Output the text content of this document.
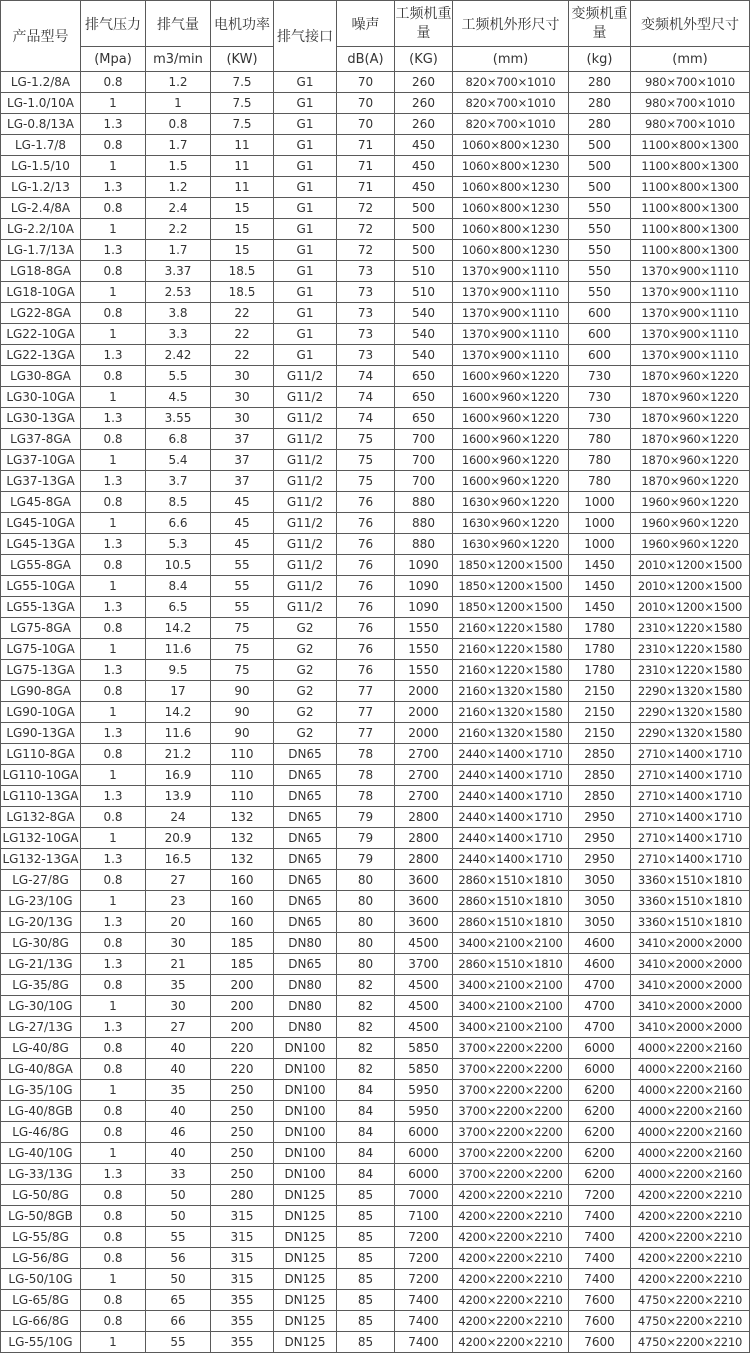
产品型号	排气压力	排气量	电机功率	排气接口	噪声	工频机重量	工频机外形尺寸	变频机重量	变频机外型尺寸
	(Mpa)	m3/min	(KW)		dB(A)	(KG)	(mm)	(kg)	(mm)
LG-1.2/8A	0.8	1.2	7.5	G1	70	260	820×700×1010	280	980×700×1010
LG-1.0/10A	1	1	7.5	G1	70	260	820×700×1010	280	980×700×1010
LG-0.8/13A	1.3	0.8	7.5	G1	70	260	820×700×1010	280	980×700×1010
LG-1.7/8	0.8	1.7	11	G1	71	450	1060×800×1230	500	1100×800×1300
LG-1.5/10	1	1.5	11	G1	71	450	1060×800×1230	500	1100×800×1300
LG-1.2/13	1.3	1.2	11	G1	71	450	1060×800×1230	500	1100×800×1300
LG-2.4/8A	0.8	2.4	15	G1	72	500	1060×800×1230	550	1100×800×1300
LG-2.2/10A	1	2.2	15	G1	72	500	1060×800×1230	550	1100×800×1300
LG-1.7/13A	1.3	1.7	15	G1	72	500	1060×800×1230	550	1100×800×1300
LG18-8GA	0.8	3.37	18.5	G1	73	510	1370×900×1110	550	1370×900×1110
LG18-10GA	1	2.53	18.5	G1	73	510	1370×900×1110	550	1370×900×1110
LG22-8GA	0.8	3.8	22	G1	73	540	1370×900×1110	600	1370×900×1110
LG22-10GA	1	3.3	22	G1	73	540	1370×900×1110	600	1370×900×1110
LG22-13GA	1.3	2.42	22	G1	73	540	1370×900×1110	600	1370×900×1110
LG30-8GA	0.8	5.5	30	G11/2	74	650	1600×960×1220	730	1870×960×1220
LG30-10GA	1	4.5	30	G11/2	74	650	1600×960×1220	730	1870×960×1220
LG30-13GA	1.3	3.55	30	G11/2	74	650	1600×960×1220	730	1870×960×1220
LG37-8GA	0.8	6.8	37	G11/2	75	700	1600×960×1220	780	1870×960×1220
LG37-10GA	1	5.4	37	G11/2	75	700	1600×960×1220	780	1870×960×1220
LG37-13GA	1.3	3.7	37	G11/2	75	700	1600×960×1220	780	1870×960×1220
LG45-8GA	0.8	8.5	45	G11/2	76	880	1630×960×1220	1000	1960×960×1220
LG45-10GA	1	6.6	45	G11/2	76	880	1630×960×1220	1000	1960×960×1220
LG45-13GA	1.3	5.3	45	G11/2	76	880	1630×960×1220	1000	1960×960×1220
LG55-8GA	0.8	10.5	55	G11/2	76	1090	1850×1200×1500	1450	2010×1200×1500
LG55-10GA	1	8.4	55	G11/2	76	1090	1850×1200×1500	1450	2010×1200×1500
LG55-13GA	1.3	6.5	55	G11/2	76	1090	1850×1200×1500	1450	2010×1200×1500
LG75-8GA	0.8	14.2	75	G2	76	1550	2160×1220×1580	1780	2310×1220×1580
LG75-10GA	1	11.6	75	G2	76	1550	2160×1220×1580	1780	2310×1220×1580
LG75-13GA	1.3	9.5	75	G2	76	1550	2160×1220×1580	1780	2310×1220×1580
LG90-8GA	0.8	17	90	G2	77	2000	2160×1320×1580	2150	2290×1320×1580
LG90-10GA	1	14.2	90	G2	77	2000	2160×1320×1580	2150	2290×1320×1580
LG90-13GA	1.3	11.6	90	G2	77	2000	2160×1320×1580	2150	2290×1320×1580
LG110-8GA	0.8	21.2	110	DN65	78	2700	2440×1400×1710	2850	2710×1400×1710
LG110-10GA	1	16.9	110	DN65	78	2700	2440×1400×1710	2850	2710×1400×1710
LG110-13GA	1.3	13.9	110	DN65	78	2700	2440×1400×1710	2850	2710×1400×1710
LG132-8GA	0.8	24	132	DN65	79	2800	2440×1400×1710	2950	2710×1400×1710
LG132-10GA	1	20.9	132	DN65	79	2800	2440×1400×1710	2950	2710×1400×1710
LG132-13GA	1.3	16.5	132	DN65	79	2800	2440×1400×1710	2950	2710×1400×1710
LG-27/8G	0.8	27	160	DN65	80	3600	2860×1510×1810	3050	3360×1510×1810
LG-23/10G	1	23	160	DN65	80	3600	2860×1510×1810	3050	3360×1510×1810
LG-20/13G	1.3	20	160	DN65	80	3600	2860×1510×1810	3050	3360×1510×1810
LG-30/8G	0.8	30	185	DN80	80	4500	3400×2100×2100	4600	3410×2000×2000
LG-21/13G	1.3	21	185	DN65	80	3700	2860×1510×1810	4600	3410×2000×2000
LG-35/8G	0.8	35	200	DN80	82	4500	3400×2100×2100	4700	3410×2000×2000
LG-30/10G	1	30	200	DN80	82	4500	3400×2100×2100	4700	3410×2000×2000
LG-27/13G	1.3	27	200	DN80	82	4500	3400×2100×2100	4700	3410×2000×2000
LG-40/8G	0.8	40	220	DN100	82	5850	3700×2200×2200	6000	4000×2200×2160
LG-40/8GA	0.8	40	220	DN100	82	5850	3700×2200×2200	6000	4000×2200×2160
LG-35/10G	1	35	250	DN100	84	5950	3700×2200×2200	6200	4000×2200×2160
LG-40/8GB	0.8	40	250	DN100	84	5950	3700×2200×2200	6200	4000×2200×2160
LG-46/8G	0.8	46	250	DN100	84	6000	3700×2200×2200	6200	4000×2200×2160
LG-40/10G	1	40	250	DN100	84	6000	3700×2200×2200	6200	4000×2200×2160
LG-33/13G	1.3	33	250	DN100	84	6000	3700×2200×2200	6200	4000×2200×2160
LG-50/8G	0.8	50	280	DN125	85	7000	4200×2200×2210	7200	4200×2200×2210
LG-50/8GB	0.8	50	315	DN125	85	7100	4200×2200×2210	7400	4200×2200×2210
LG-55/8G	0.8	55	315	DN125	85	7200	4200×2200×2210	7400	4200×2200×2210
LG-56/8G	0.8	56	315	DN125	85	7200	4200×2200×2210	7400	4200×2200×2210
LG-50/10G	1	50	315	DN125	85	7200	4200×2200×2210	7400	4200×2200×2210
LG-65/8G	0.8	65	355	DN125	85	7400	4200×2200×2210	7600	4750×2200×2210
LG-66/8G	0.8	66	355	DN125	85	7400	4200×2200×2210	7600	4750×2200×2210
LG-55/10G	1	55	355	DN125	85	7400	4200×2200×2210	7600	4750×2200×2210
